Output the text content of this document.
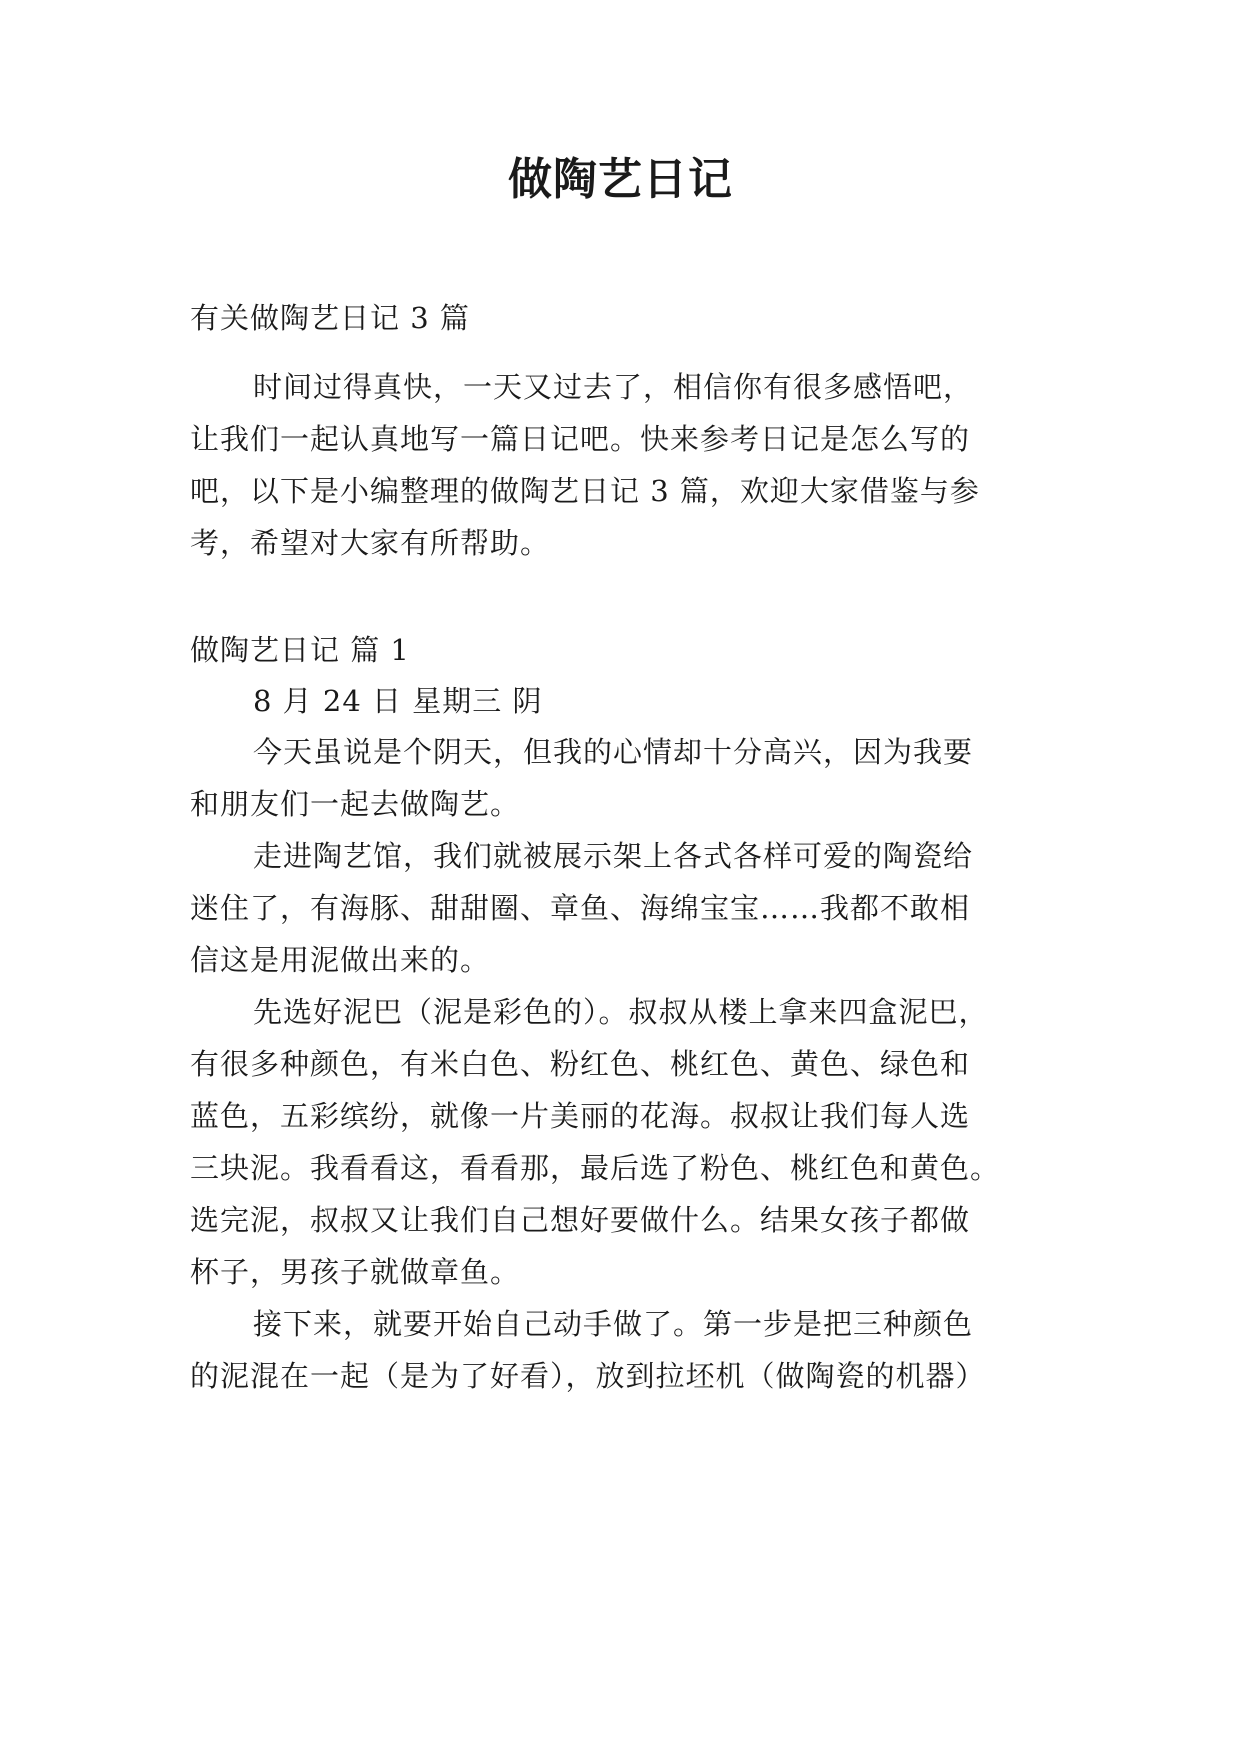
做陶艺日记
有关做陶艺日记 3 篇
时间过得真快，一天又过去了，相信你有很多感悟吧，
让我们一起认真地写一篇日记吧。快来参考日记是怎么写的
吧，以下是小编整理的做陶艺日记 3 篇，欢迎大家借鉴与参
考，希望对大家有所帮助。
做陶艺日记 篇 1
8 月 24 日 星期三 阴
今天虽说是个阴天，但我的心情却十分高兴，因为我要
和朋友们一起去做陶艺。
走进陶艺馆，我们就被展示架上各式各样可爱的陶瓷给
迷住了，有海豚、甜甜圈、章鱼、海绵宝宝……我都不敢相
信这是用泥做出来的。
先选好泥巴（泥是彩色的）。叔叔从楼上拿来四盒泥巴，
有很多种颜色，有米白色、粉红色、桃红色、黄色、绿色和
蓝色，五彩缤纷，就像一片美丽的花海。叔叔让我们每人选
三块泥。我看看这，看看那，最后选了粉色、桃红色和黄色。
选完泥，叔叔又让我们自己想好要做什么。结果女孩子都做
杯子，男孩子就做章鱼。
接下来，就要开始自己动手做了。第一步是把三种颜色
的泥混在一起（是为了好看），放到拉坯机（做陶瓷的机器）
